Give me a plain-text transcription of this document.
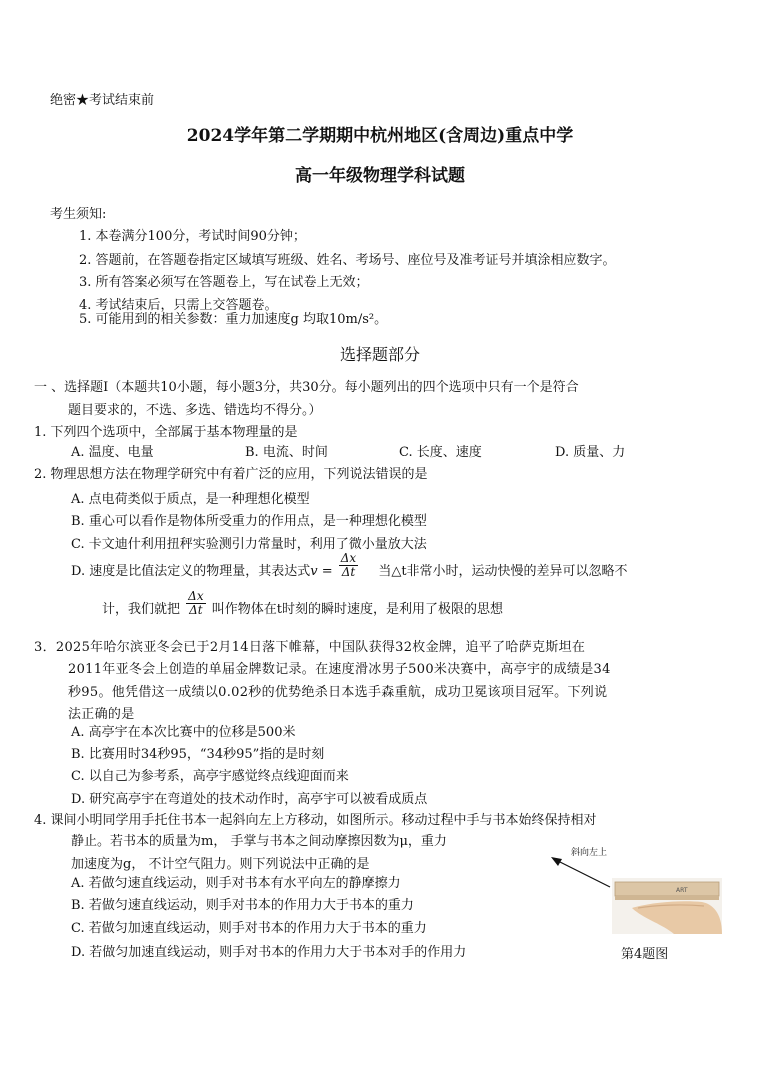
绝密★考试结束前
2024学年第二学期期中杭州地区(含周边)重点中学
高一年级物理学科试题
考生须知:
1. 本卷满分100分，考试时间90分钟；
2. 答题前，在答题卷指定区域填写班级、姓名、考场号、座位号及准考证号并填涂相应数字。
3. 所有答案必须写在答题卷上，写在试卷上无效；
4. 考试结束后，只需上交答题卷。
5. 可能用到的相关参数：重力加速度g 均取10m/s²。
选择题部分
一 、选择题Ⅰ（本题共10小题，每小题3分，共30分。每小题列出的四个选项中只有一个是符合
题目要求的，不选、多选、错选均不得分。）
1. 下列四个选项中，全部属于基本物理量的是
A. 温度、电量	B. 电流、时间	C. 长度、速度	D. 质量、力
2. 物理思想方法在物理学研究中有着广泛的应用，下列说法错误的是
A. 点电荷类似于质点，是一种理想化模型
B. 重心可以看作是物体所受重力的作用点，是一种理想化模型
C. 卡文迪什利用扭秤实验测引力常量时，利用了微小量放大法
D. 速度是比值法定义的物理量，其表达式$v = \frac{\Delta x}{\Delta t}$ 当△t非常小时，运动快慢的差异可以忽略不
计，我们就把 $\frac{\Delta x}{\Delta t}$ 叫作物体在t时刻的瞬时速度，是利用了极限的思想
3．2025年哈尔滨亚冬会已于2月14日落下帷幕，中国队获得32枚金牌，追平了哈萨克斯坦在
2011年亚冬会上创造的单届金牌数记录。在速度滑冰男子500米决赛中，高亭宇的成绩是34
秒95。他凭借这一成绩以0.02秒的优势绝杀日本选手森重航，成功卫冕该项目冠军。下列说
法正确的是
A. 高亭宇在本次比赛中的位移是500米
B. 比赛用时34秒95，“34秒95”指的是时刻
C. 以自己为参考系，高亭宇感觉终点线迎面而来
D. 研究高亭宇在弯道处的技术动作时，高亭宇可以被看成质点
4. 课间小明同学用手托住书本一起斜向左上方移动，如图所示。移动过程中手与书本始终保持相对
静止。若书本的质量为m， 手掌与书本之间动摩擦因数为μ，重力
加速度为g， 不计空气阻力。则下列说法中正确的是
A. 若做匀速直线运动，则手对书本有水平向左的静摩擦力
B. 若做匀速直线运动，则手对书本的作用力大于书本的重力
C. 若做匀加速直线运动，则手对书本的作用力大于书本的重力
D. 若做匀加速直线运动，则手对书本的作用力大于书本对手的作用力
斜向左上
ART
第4题图
